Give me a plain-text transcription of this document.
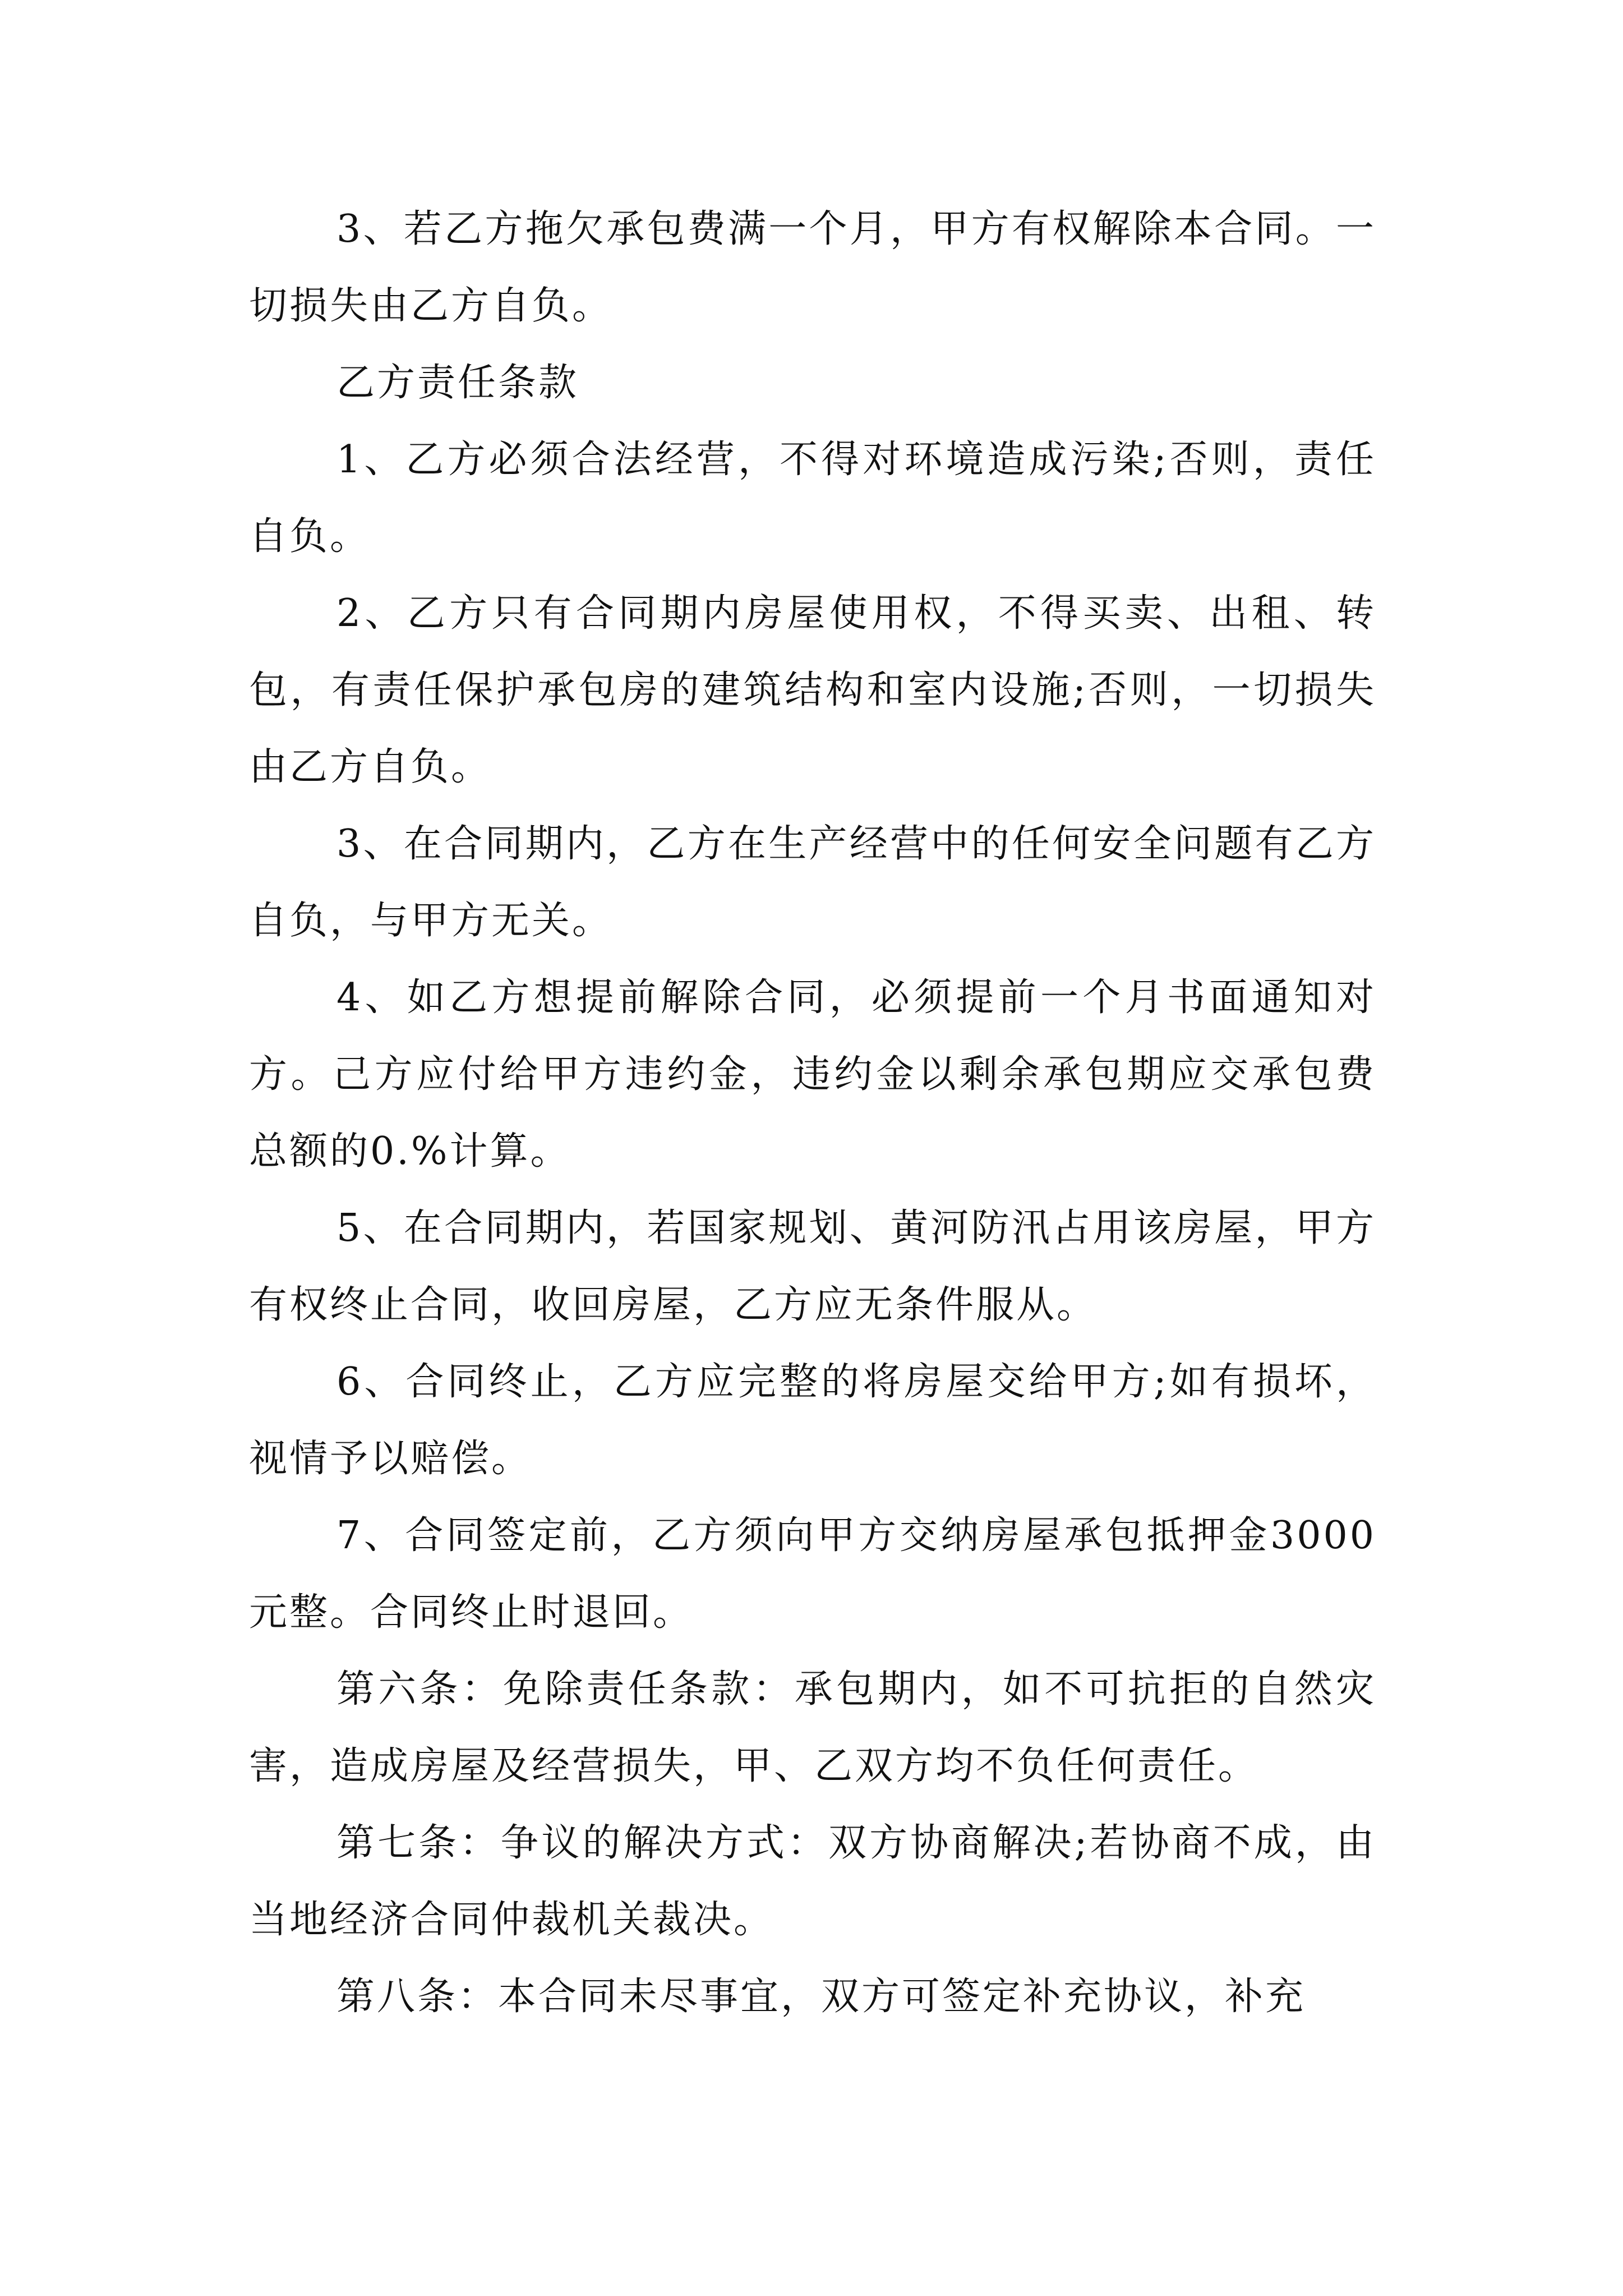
3、若乙方拖欠承包费满一个月，甲方有权解除本合同。一切损失由乙方自负。

乙方责任条款

1、乙方必须合法经营，不得对环境造成污染;否则，责任自负。

2、乙方只有合同期内房屋使用权，不得买卖、出租、转包，有责任保护承包房的建筑结构和室内设施;否则，一切损失由乙方自负。

3、在合同期内，乙方在生产经营中的任何安全问题有乙方自负，与甲方无关。

4、如乙方想提前解除合同，必须提前一个月书面通知对方。己方应付给甲方违约金，违约金以剩余承包期应交承包费总额的0.%计算。

5、在合同期内，若国家规划、黄河防汛占用该房屋，甲方有权终止合同，收回房屋，乙方应无条件服从。

6、合同终止，乙方应完整的将房屋交给甲方;如有损坏，视情予以赔偿。

7、合同签定前，乙方须向甲方交纳房屋承包抵押金3000元整。合同终止时退回。

第六条：免除责任条款：承包期内，如不可抗拒的自然灾害，造成房屋及经营损失，甲、乙双方均不负任何责任。

第七条：争议的解决方式：双方协商解决;若协商不成，由当地经济合同仲裁机关裁决。

第八条：本合同未尽事宜，双方可签定补充协议，补充
